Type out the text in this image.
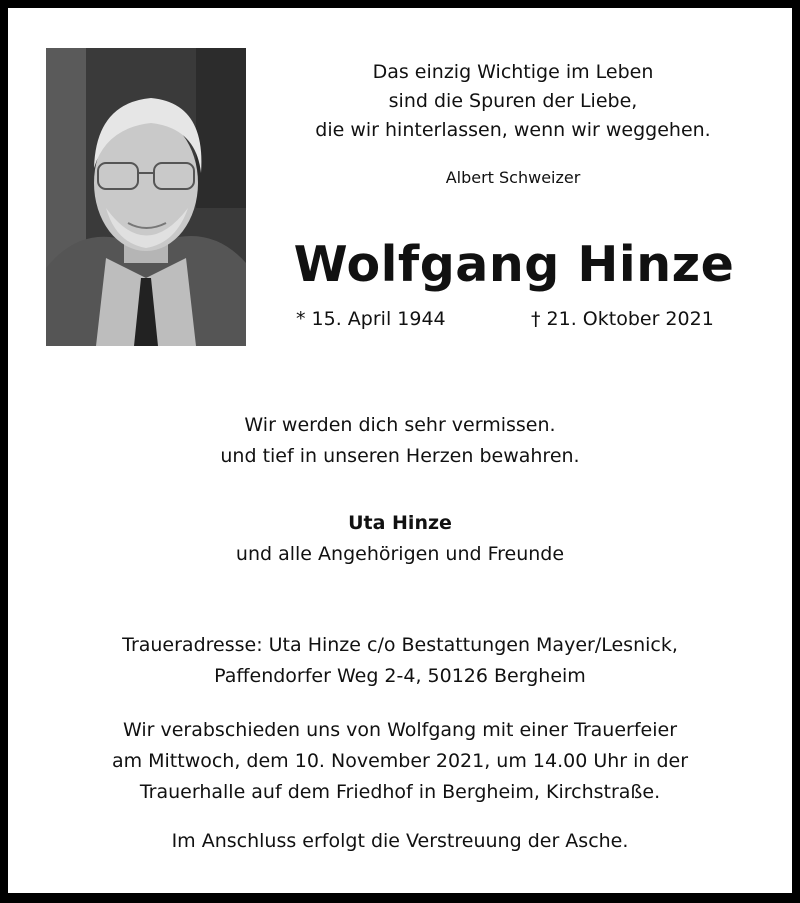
Das einzig Wichtige im Leben
sind die Spuren der Liebe,
die wir hinterlassen, wenn wir weggehen.
Albert Schweizer
Wolfgang Hinze
* 15. April 1944	† 21. Oktober 2021
Wir werden dich sehr vermissen.
und tief in unseren Herzen bewahren.
Uta Hinze
und alle Angehörigen und Freunde
Traueradresse: Uta Hinze c/o Bestattungen Mayer/Lesnick,
Paffendorfer Weg 2-4, 50126 Bergheim
Wir verabschieden uns von Wolfgang mit einer Trauerfeier
am Mittwoch, dem 10. November 2021, um 14.00 Uhr in der
Trauerhalle auf dem Friedhof in Bergheim, Kirchstraße.
Im Anschluss erfolgt die Verstreuung der Asche.
